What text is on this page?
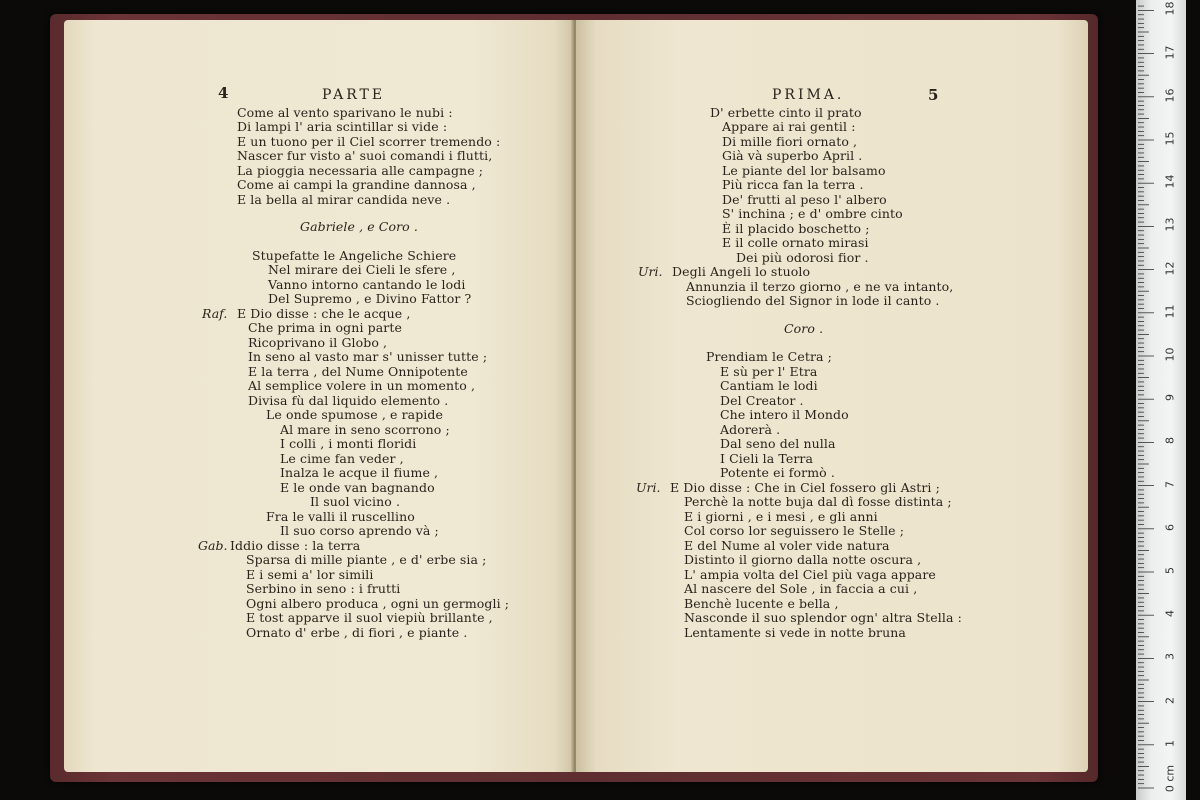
4	PARTE
Come al vento sparivano le nubi :
Di lampi l' aria scintillar si vide :
E un tuono per il Ciel scorrer tremendo :
Nascer fur visto a' suoi comandi i flutti,
La pioggia necessaria alle campagne ;
Come ai campi la grandine dannosa ,
E la bella al mirar candida neve .
Gabriele , e Coro .
Stupefatte le Angeliche Schiere
Nel mirare dei Cieli le sfere ,
Vanno intorno cantando le lodi
Del Supremo , e Divino Fattor ?
Raf. E Dio disse : che le acque ,
Che prima in ogni parte
Ricoprivano il Globo ,
In seno al vasto mar s' unisser tutte ;
E la terra , del Nume Onnipotente
Al semplice volere in un momento ,
Divisa fù dal liquido elemento .
Le onde spumose , e rapide
Al mare in seno scorrono ;
I colli , i monti floridi
Le cime fan veder ,
Inalza le acque il fiume ,
E le onde van bagnando
Il suol vicino .
Fra le valli il ruscellino
Il suo corso aprendo và ;
Gab. Iddio disse : la terra
Sparsa di mille piante , e d' erbe sia ;
E i semi a' lor simili
Serbino in seno : i frutti
Ogni albero produca , ogni un germogli ;
E tost apparve il suol viepiù brillante ,
Ornato d' erbe , di fiori , e piante .
PRIMA.	5
D' erbette cinto il prato
Appare ai rai gentil :
Di mille fiori ornato ,
Già và superbo April .
Le piante del lor balsamo
Più ricca fan la terra .
De' frutti al peso l' albero
S' inchina ; e d' ombre cinto
È il placido boschetto ;
E il colle ornato mirasi
Dei più odorosi fior .
Uri. Degli Angeli lo stuolo
Annunzia il terzo giorno , e ne va intanto,
Sciogliendo del Signor in lode il canto .
Coro .
Prendiam le Cetra ;
E sù per l' Etra
Cantiam le lodi
Del Creator .
Che intero il Mondo
Adorerà .
Dal seno del nulla
I Cieli la Terra
Potente ei formò .
Uri. E Dio disse : Che in Ciel fossero gli Astri ;
Perchè la notte buja dal dì fosse distinta ;
E i giorni , e i mesi , e gli anni
Col corso lor seguissero le Stelle ;
E del Nume al voler vide natura
Distinto il giorno dalla notte oscura ,
L' ampia volta del Ciel più vaga appare
Al nascere del Sole , in faccia a cui ,
Benchè lucente e bella ,
Nasconde il suo splendor ogn' altra Stella :
Lentamente si vede in notte bruna
0 cm
1
2
3
4
5
6
7
8
9
10
11
12
13
14
15
16
17
18
